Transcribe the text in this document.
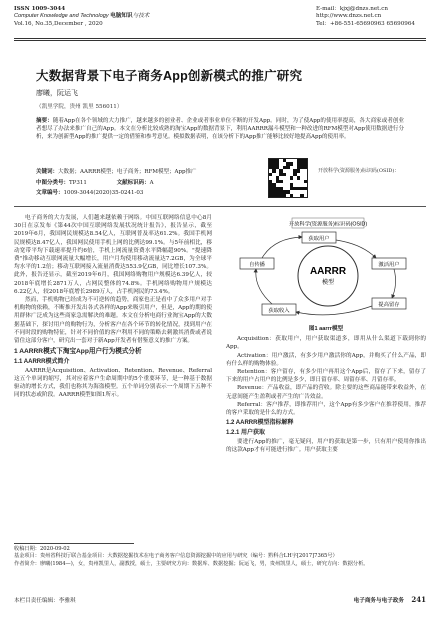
ISSN 1009-3044
Computer Knowledge and Technology 电脑知识与技术
Vol.16, No.35,December , 2020
E-mail：kjxj@dnzs.net.cn
http://www.dnzs.net.cn
Tel：+86-551-65690963 65690964
大数据背景下电子商务App创新模式的推广研究
廖曦，阮运飞
（凯里学院，贵州 凯里 556011）
摘要：随着App在各个领域的大力推广，越来越多的创业者、企业或者事业单位不断的开发App。同时，为了使App的使用率提高，各大商家或者创业者想尽了办法来推广自己的App。本文在分析比较成熟的淘宝App的数据背景下，利用AARRR漏斗模型和一种改进的RFM模型对App使用数据进行分析，来为创新型App的推广提供一定的借鉴和参考意见。模拟数据表明，在该分析下的App推广能够比较好地提高App的使用率。
关键词：大数据；AARRR模型；电子商务；RFM模型；App推广
中图分类号：TP311	文献标识码：A
文章编号：1009-3044(2020)35-0241-03
开放科学(资源服务)标识码(OSID)：

电子商务的大力发展，人们越来越依赖于网络。中国互联网络信息中心8月30日在京发布《第44次中国互联网络发展状况统计报告》，报告显示，截至2019年6月，我国网民规模达8.54亿人，互联网普及率达61.2%。我国手机网民规模达8.47亿人，我国网民使用手机上网的比例达99.1%。与5年前相比，移动宽带平均下载速率提升约6倍，手机上网流量资费水平降幅超90%。"提速降费"推动移动互联网流量大幅增长，用户月均使用移动流量达7.2GB，为全球平均水平的1.2倍；移动互联网接入流量消费达553.9亿GB，同比增长107.3%。此外，报告还显示，截至2019年6月，我国网络购物用户规模达6.39亿人，较2018年底增长2871万人，占网民整体的74.8%。手机网络购物用户规模达6.22亿人，较2018年底增长2989万人，占手机网民的73.4%。

然而，手机购物已经成为不可逆转的趋势，商家也正是看中了众多用户对手机购物的依赖，不断推开发出各式各样的App来吸引用户，但是，App的期的使用群体广泛成为这些商家急需解决的难题。本文在分析电商行业淘宝App的大数据基础下，探讨用户的购物行为，分析客户在各个环节的转化情况，找到用户在不同时段的购物特征，针对不同价值的客户利用不同的策略去刺激其消费或者说留住这部分客户，研究出一套对于新App开发者有借鉴意义的推广方案。

1 AARRR模式下淘宝App用户行为模式分析

1.1 AARRR模式简介

AARRR是Acquisition、Activation、Retention、Revenue、Referral这五个单词的缩写，其对应着客户生命周期中的5个重要环节，是一种基于数据驱动的增长方式，我们也称其为海盗模型。五个单词分别表示一个周期下五种不同的状态或阶段。AARRR模型如图1所示。

开放科学(资源服务)标识码(OSID)
AARRR
模型
获取用户
激活用户
提高留存
获取收入
自传播

图1 aarrr模型

Acquisition：获取用户，用户获取渠道多，即用从什么渠道下载到你的App。

Activation：用户激活，有多少用户激活你的App，并购买了什么产品，即有什么样的购物体验。

Retention：客户留存，有多少用户再用这个App后，留存了下来，留存了下来的用户占用户的比例是多少，即日留存率、周留存率、月留存率。

Revenue：产品收益，即产品的营收。除主要的这些商品能带来收益外，在无意间能产生盈利或者产生的广告效益。

Referral：客户推荐，即推荐用户，这个App有多少客户在推荐使用，推荐的客户采取的是什么的方式。

1.2 AARRR模型指标解释

1.2.1 用户获取

要进行App的推广，毫无疑问，用户的获取是第一步，只有用户使用你推出的这款App才有可能进行推广。用户获取主要

收稿日期：2020-09-02
基金项目：贵州省科技厅联合基金项目：大数据挖掘技术在电子商务客户信息资源挖掘中的应用与研究（编号：黔科合LH字[2017]7365号）
作者简介：廖曦(1984—)，女，贵州凯里人，副教授，硕士，主要研究方向：数据库、数据挖掘；阮运飞，男，贵州凯里人，硕士，研究方向：数据分析。
本栏目责任编辑：李雅琪	电子商务与电子政务 241
